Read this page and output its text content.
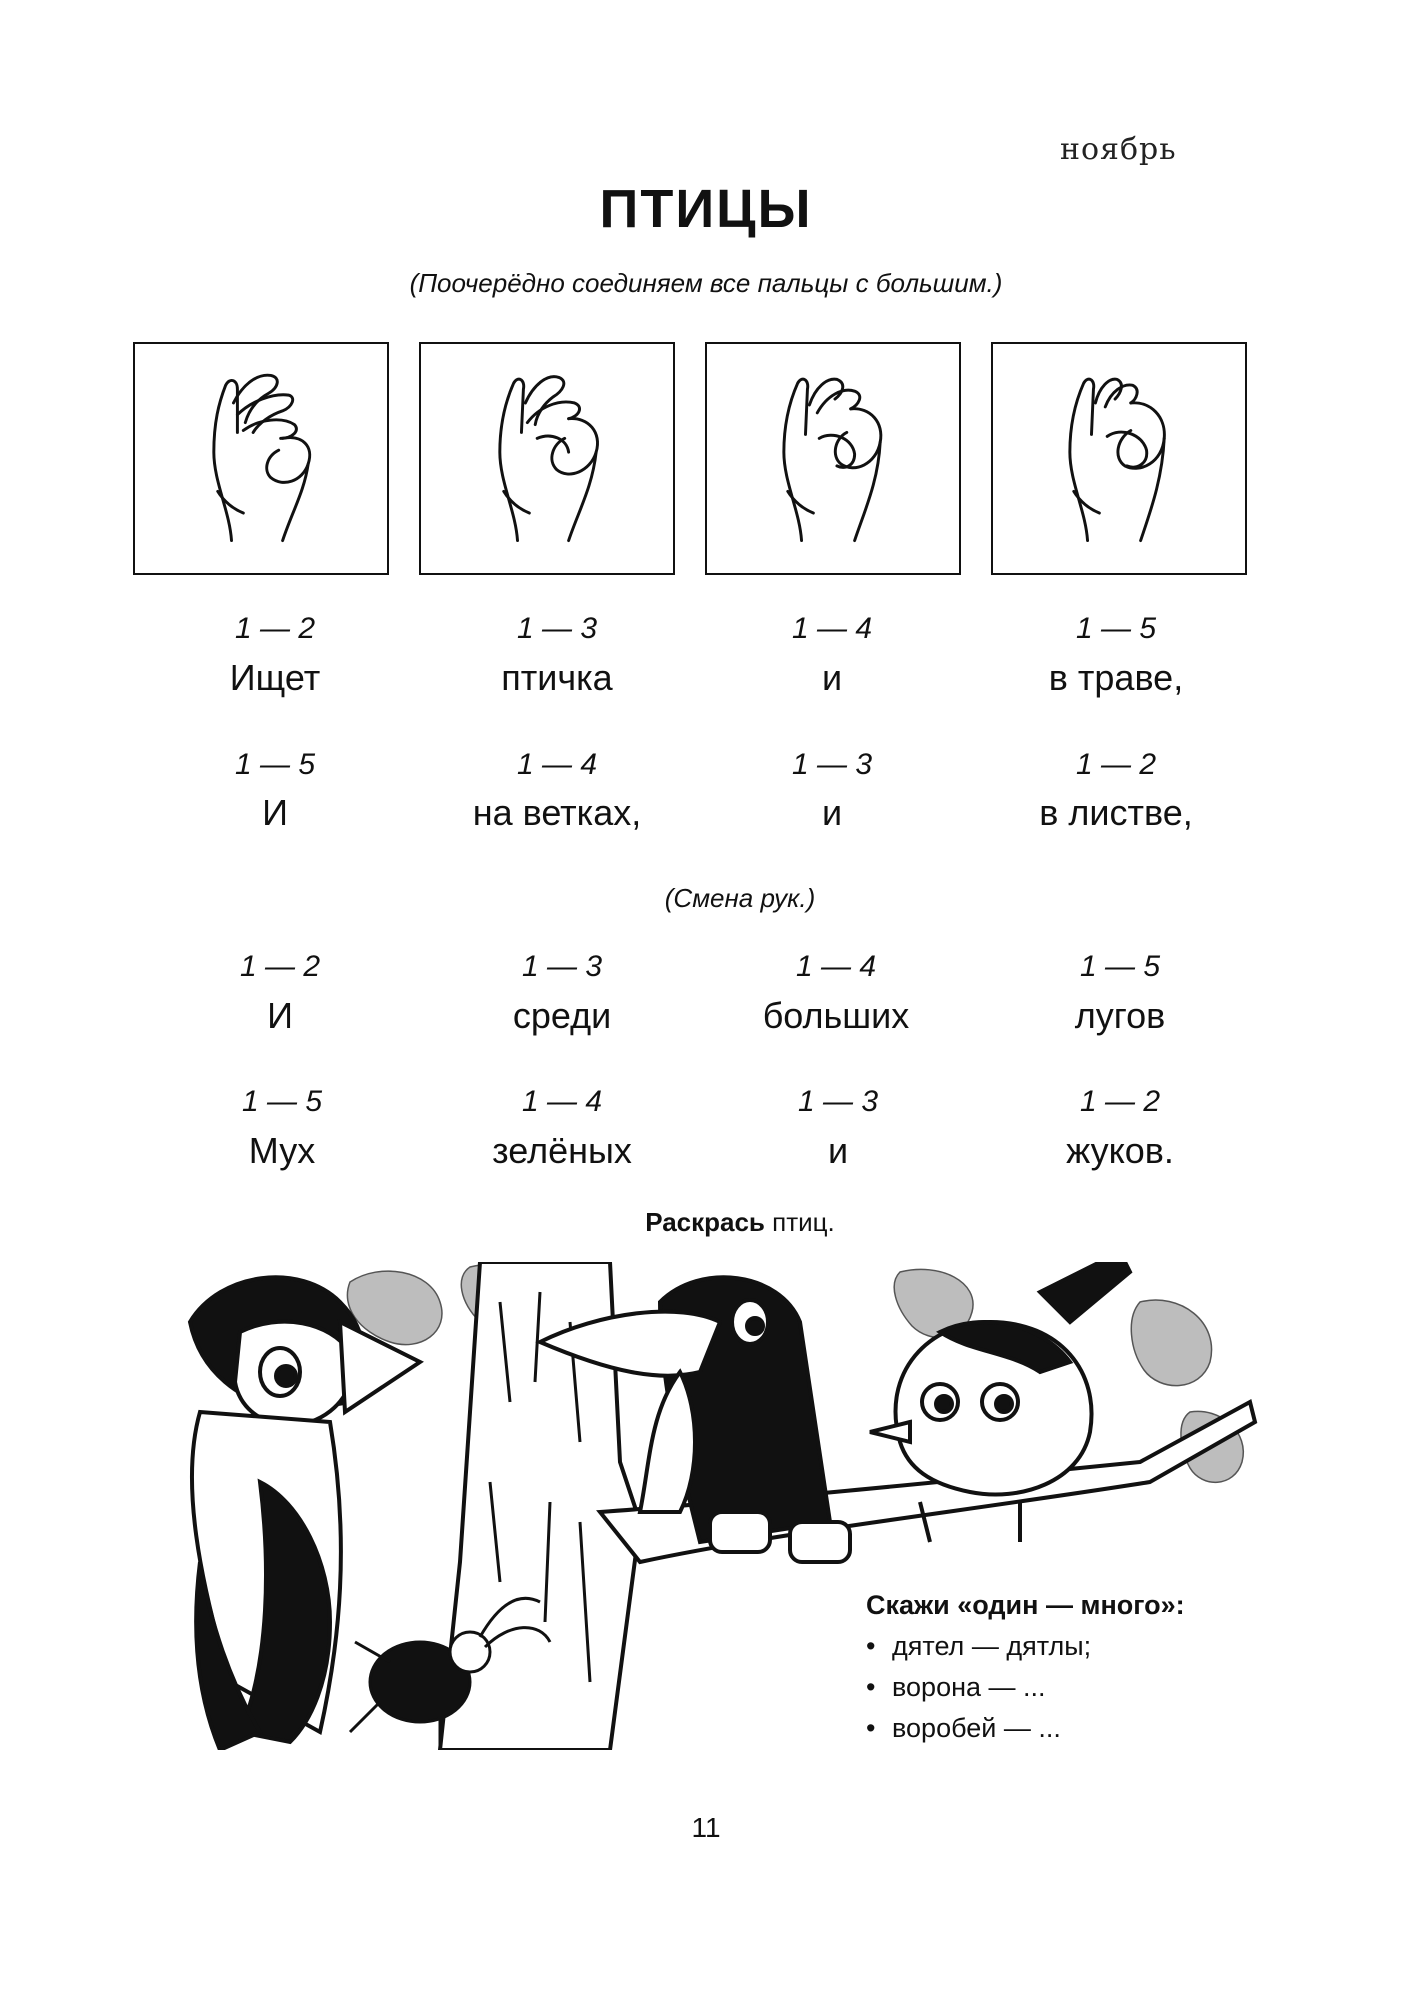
ноябрь
ПТИЦЫ
(Поочерёдно соединяем все пальцы с большим.)
1 — 2	1 — 3	1 — 4	1 — 5
Ищет	птичка	и	в траве,
1 — 5	1 — 4	1 — 3	1 — 2
И	на ветках,	и	в листве,
(Смена рук.)
1 — 2	1 — 3	1 — 4	1 — 5
И	среди	больших	лугов
1 — 5	1 — 4	1 — 3	1 — 2
Мух	зелёных	и	жуков.
Раскрась птиц.
Скажи «один — много»:
• дятел — дятлы;
• ворона — ...
• воробей — ...
11
